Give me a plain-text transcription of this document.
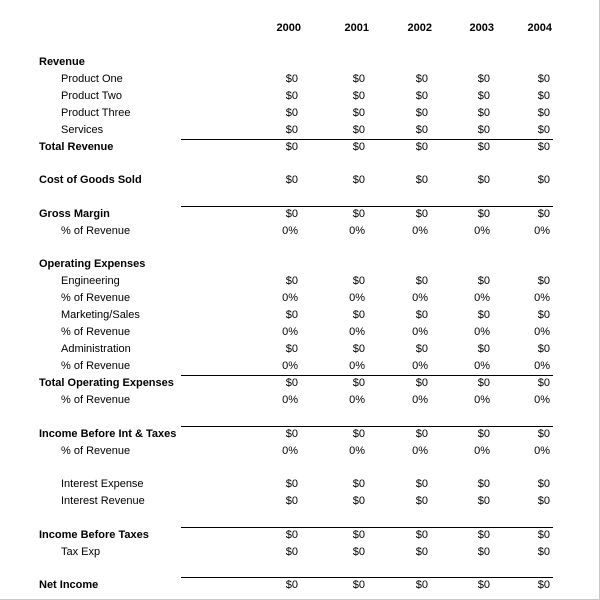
2000	2001	2002	2003	2004
Revenue
Product One	$0	$0	$0	$0	$0
Product Two	$0	$0	$0	$0	$0
Product Three	$0	$0	$0	$0	$0
Services	$0	$0	$0	$0	$0
Total Revenue	$0	$0	$0	$0	$0
Cost of Goods Sold	$0	$0	$0	$0	$0
Gross Margin	$0	$0	$0	$0	$0
% of Revenue	0%	0%	0%	0%	0%
Operating Expenses
Engineering	$0	$0	$0	$0	$0
% of Revenue	0%	0%	0%	0%	0%
Marketing/Sales	$0	$0	$0	$0	$0
% of Revenue	0%	0%	0%	0%	0%
Administration	$0	$0	$0	$0	$0
% of Revenue	0%	0%	0%	0%	0%
Total Operating Expenses	$0	$0	$0	$0	$0
% of Revenue	0%	0%	0%	0%	0%
Income Before Int & Taxes	$0	$0	$0	$0	$0
% of Revenue	0%	0%	0%	0%	0%
Interest Expense	$0	$0	$0	$0	$0
Interest Revenue	$0	$0	$0	$0	$0
Income Before Taxes	$0	$0	$0	$0	$0
Tax Exp	$0	$0	$0	$0	$0
Net Income	$0	$0	$0	$0	$0
